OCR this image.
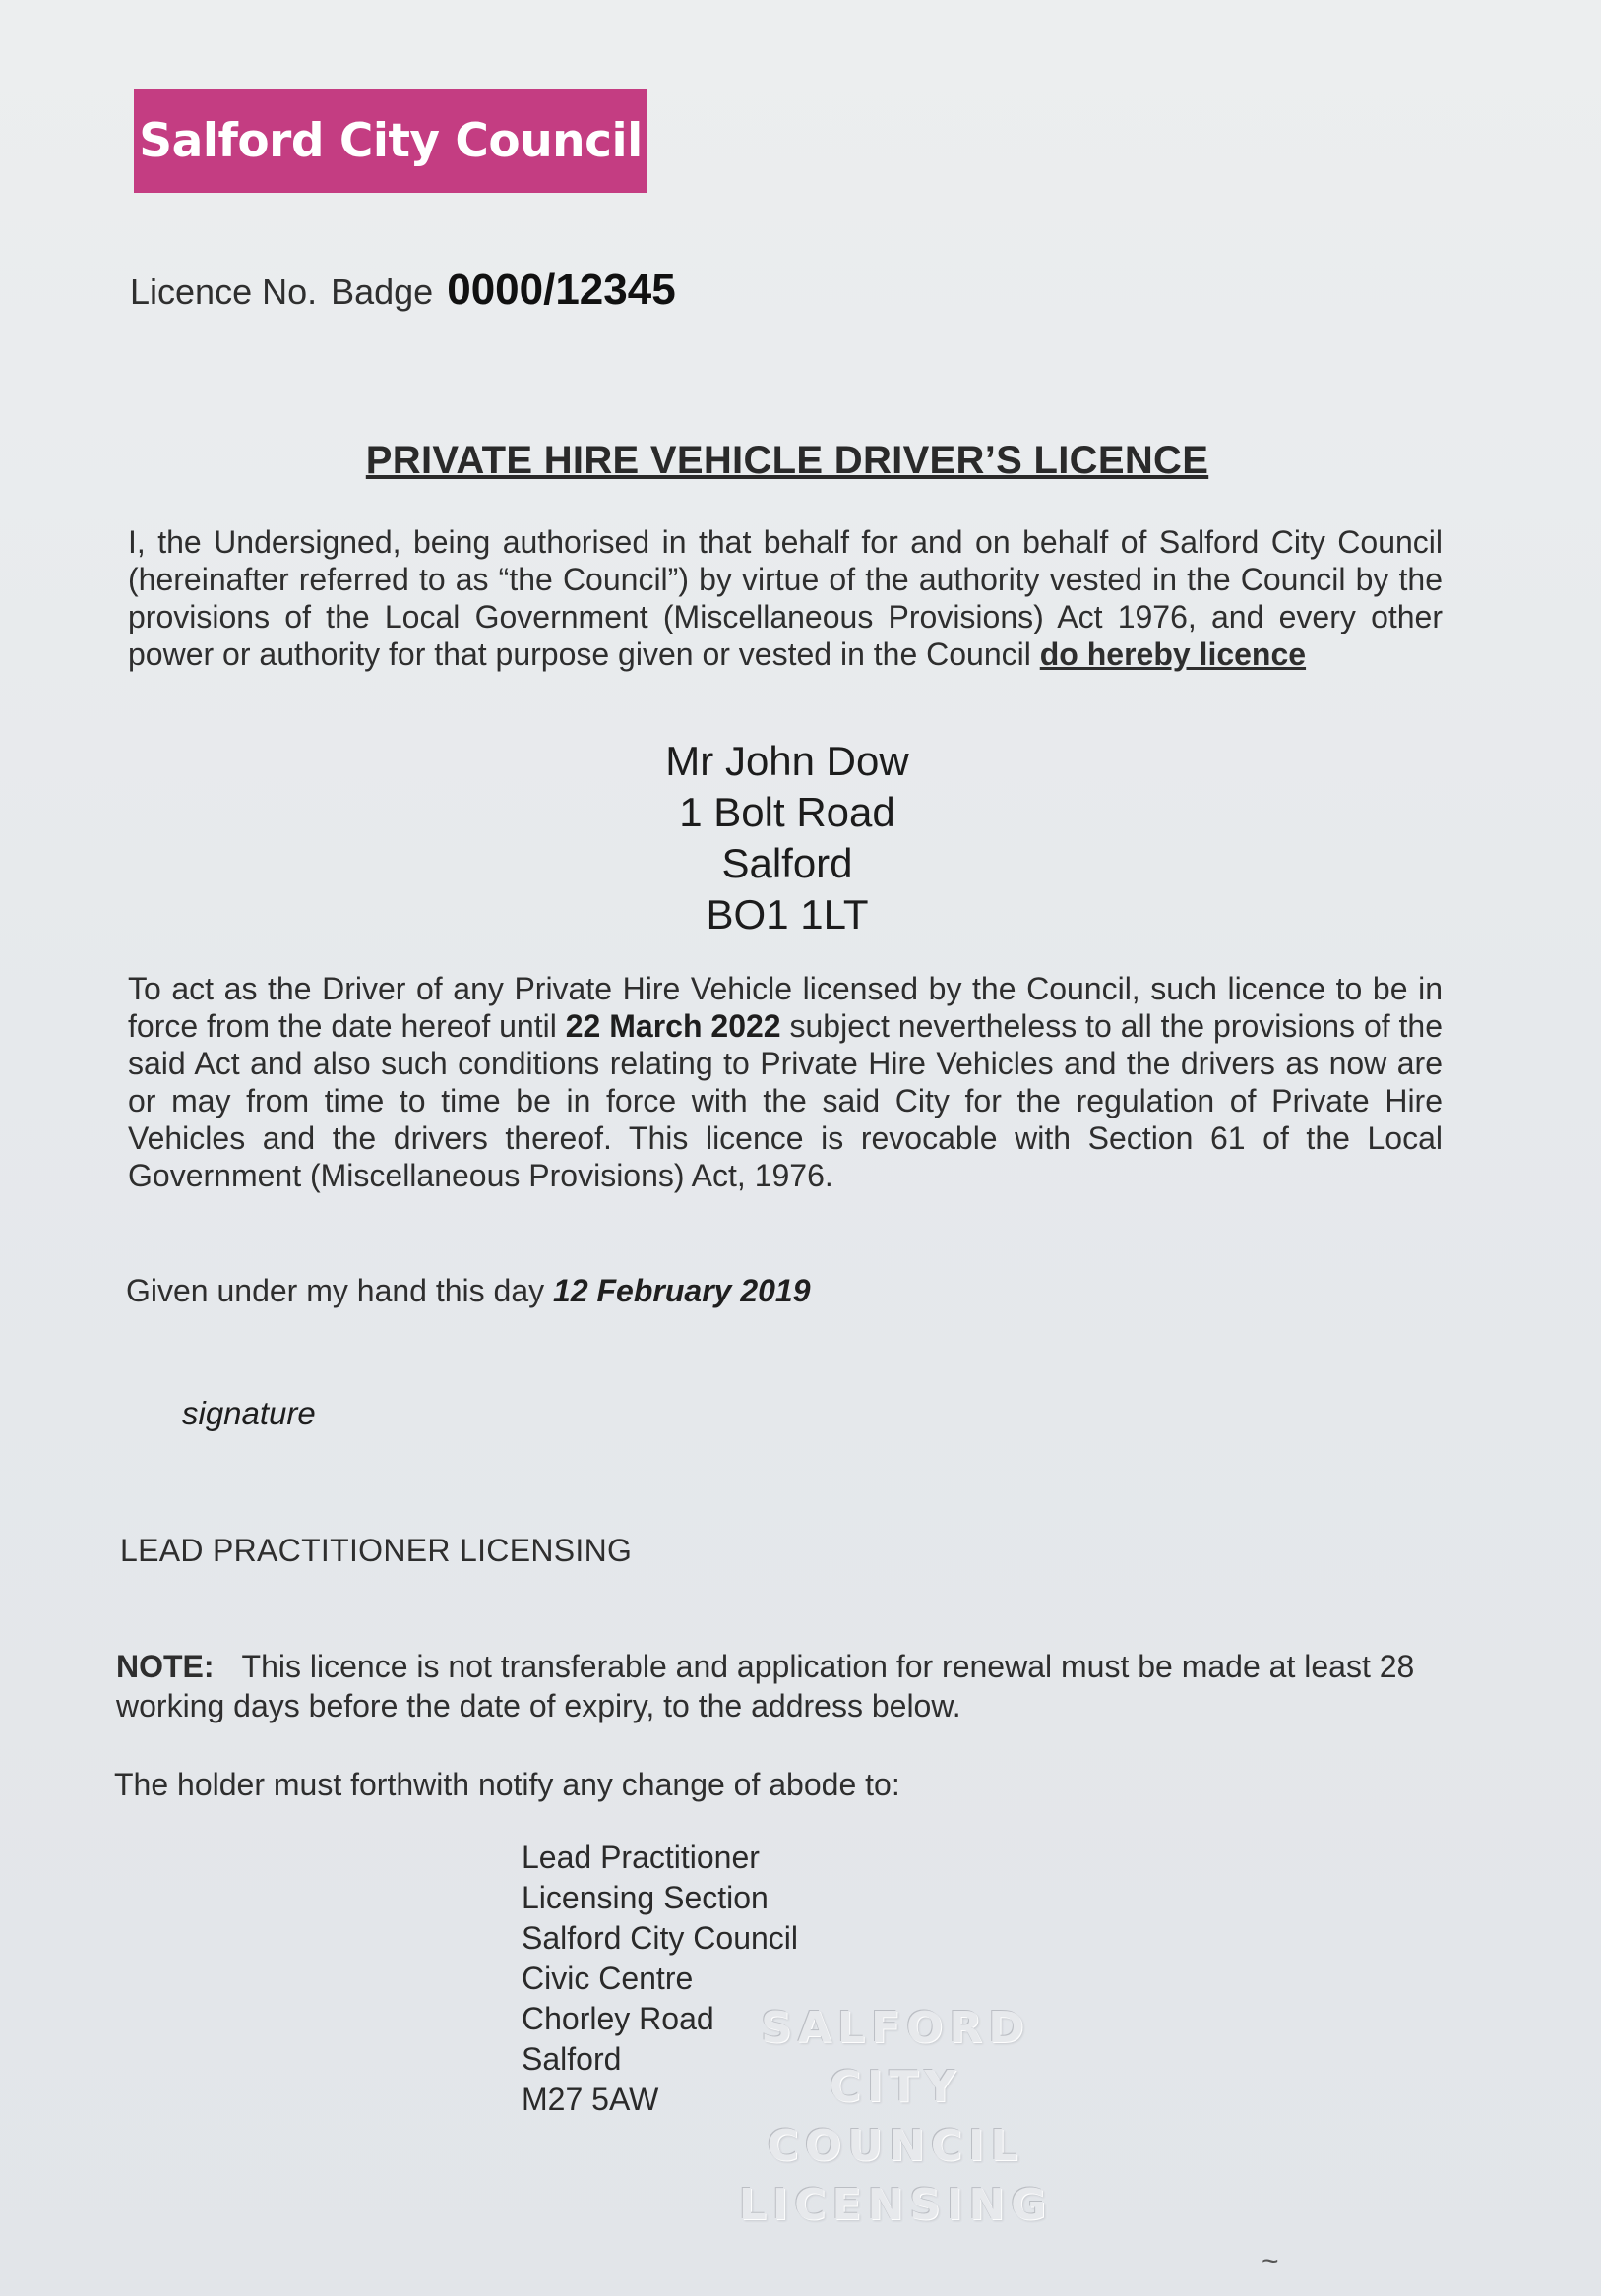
Salford City Council
Licence No. Badge 0000/12345
PRIVATE HIRE VEHICLE DRIVER’S LICENCE
I, the Undersigned, being authorised in that behalf for and on behalf of Salford City Council (hereinafter referred to as “the Council”) by virtue of the authority vested in the Council by the provisions of the Local Government (Miscellaneous Provisions) Act 1976, and every other power or authority for that purpose given or vested in the Council do hereby licence
Mr John Dow
1 Bolt Road
Salford
BO1 1LT
To act as the Driver of any Private Hire Vehicle licensed by the Council, such licence to be in force from the date hereof until 22 March 2022 subject nevertheless to all the provisions of the said Act and also such conditions relating to Private Hire Vehicles and the drivers as now are or may from time to time be in force with the said City for the regulation of Private Hire Vehicles and the drivers thereof. This licence is revocable with Section 61 of the Local Government (Miscellaneous Provisions) Act, 1976.
Given under my hand this day 12 February 2019
signature
LEAD PRACTITIONER LICENSING
NOTE: This licence is not transferable and application for renewal must be made at least 28 working days before the date of expiry, to the address below.
The holder must forthwith notify any change of abode to:
Lead Practitioner
Licensing Section
Salford City Council
Civic Centre
Chorley Road
Salford
M27 5AW
SALFORD
CITY COUNCIL
LICENSING
~
